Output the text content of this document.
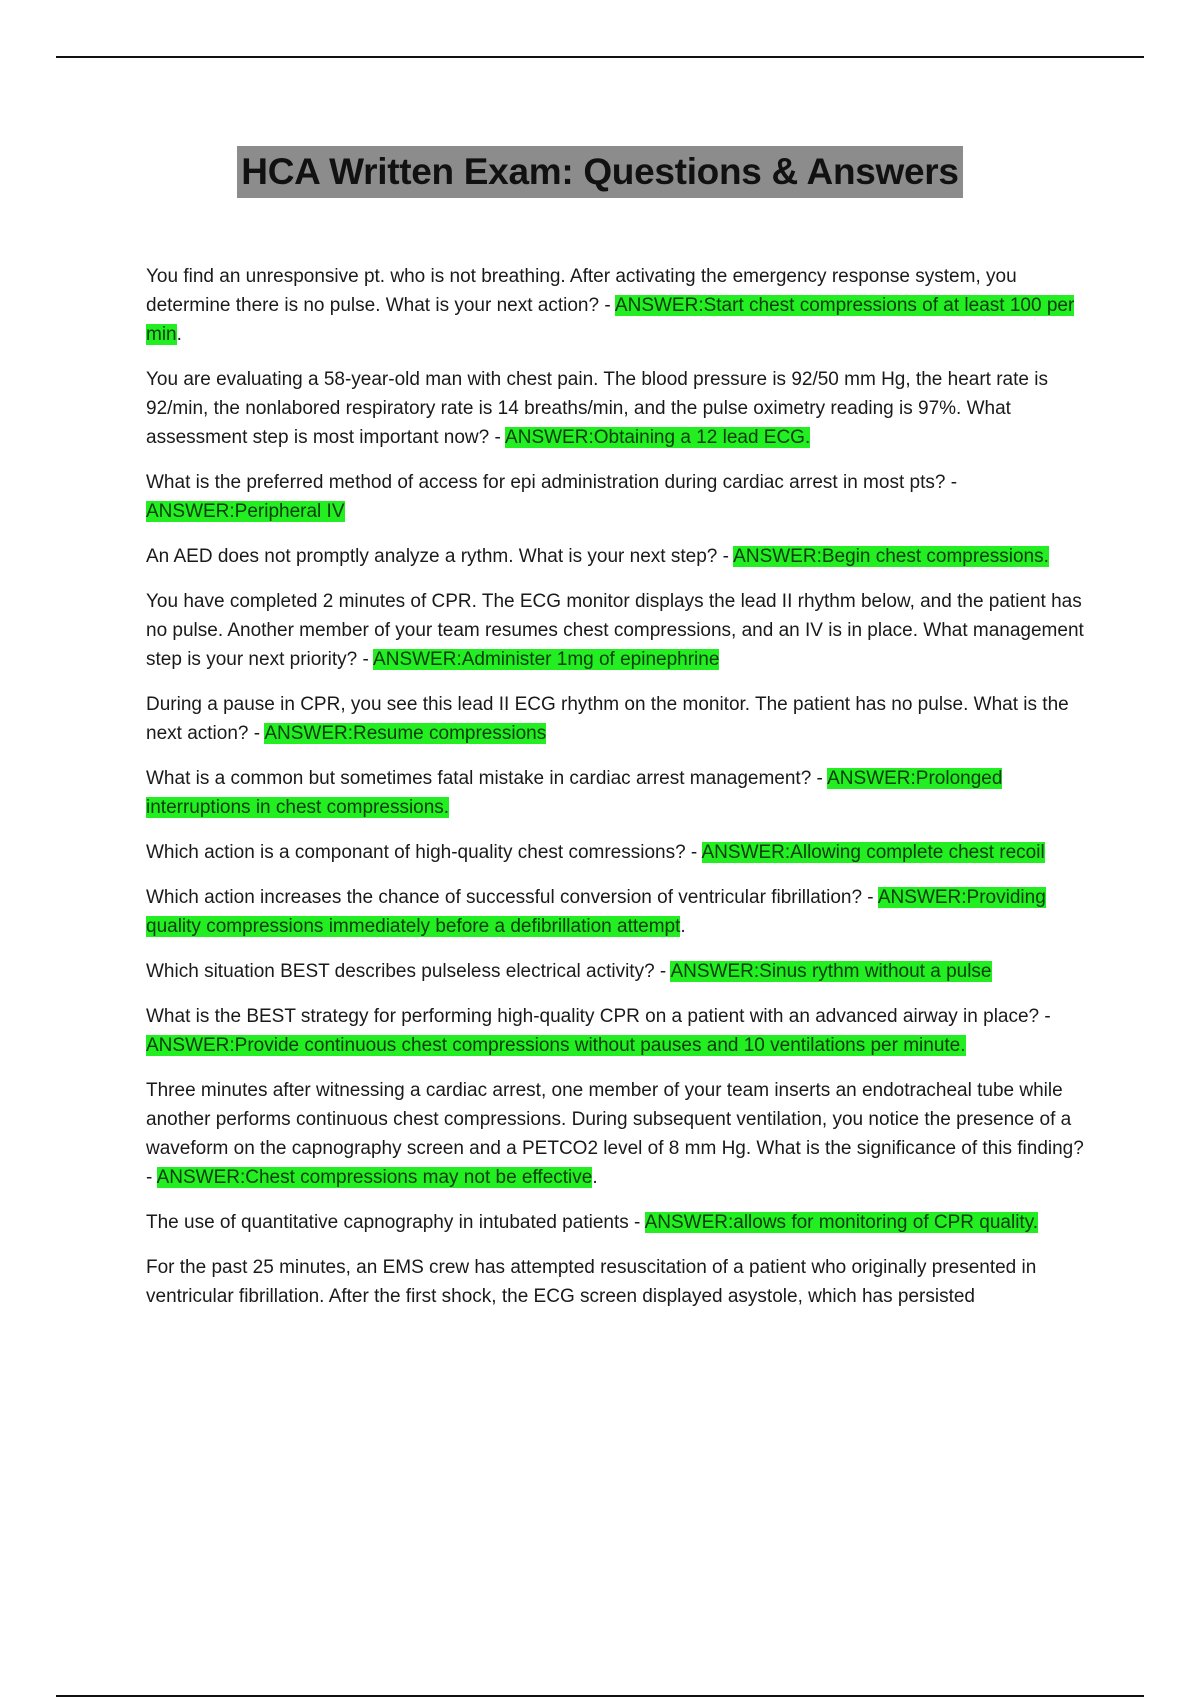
HCA Written Exam: Questions & Answers

You find an unresponsive pt. who is not breathing. After activating the emergency response system, you determine there is no pulse. What is your next action? - ANSWER:Start chest compressions of at least 100 per min.

You are evaluating a 58-year-old man with chest pain. The blood pressure is 92/50 mm Hg, the heart rate is 92/min, the nonlabored respiratory rate is 14 breaths/min, and the pulse oximetry reading is 97%. What assessment step is most important now? - ANSWER:Obtaining a 12 lead ECG.

What is the preferred method of access for epi administration during cardiac arrest in most pts? - ANSWER:Peripheral IV

An AED does not promptly analyze a rythm. What is your next step? - ANSWER:Begin chest compressions.

You have completed 2 minutes of CPR. The ECG monitor displays the lead II rhythm below, and the patient has no pulse. Another member of your team resumes chest compressions, and an IV is in place. What management step is your next priority? - ANSWER:Administer 1mg of epinephrine

During a pause in CPR, you see this lead II ECG rhythm on the monitor. The patient has no pulse. What is the next action? - ANSWER:Resume compressions

What is a common but sometimes fatal mistake in cardiac arrest management? - ANSWER:Prolonged interruptions in chest compressions.

Which action is a componant of high-quality chest comressions? - ANSWER:Allowing complete chest recoil

Which action increases the chance of successful conversion of ventricular fibrillation? - ANSWER:Providing quality compressions immediately before a defibrillation attempt.

Which situation BEST describes pulseless electrical activity? - ANSWER:Sinus rythm without a pulse

What is the BEST strategy for performing high-quality CPR on a patient with an advanced airway in place? - ANSWER:Provide continuous chest compressions without pauses and 10 ventilations per minute.

Three minutes after witnessing a cardiac arrest, one member of your team inserts an endotracheal tube while another performs continuous chest compressions. During subsequent ventilation, you notice the presence of a waveform on the capnography screen and a PETCO2 level of 8 mm Hg. What is the significance of this finding? - ANSWER:Chest compressions may not be effective.

The use of quantitative capnography in intubated patients - ANSWER:allows for monitoring of CPR quality.

For the past 25 minutes, an EMS crew has attempted resuscitation of a patient who originally presented in ventricular fibrillation. After the first shock, the ECG screen displayed asystole, which has persisted
